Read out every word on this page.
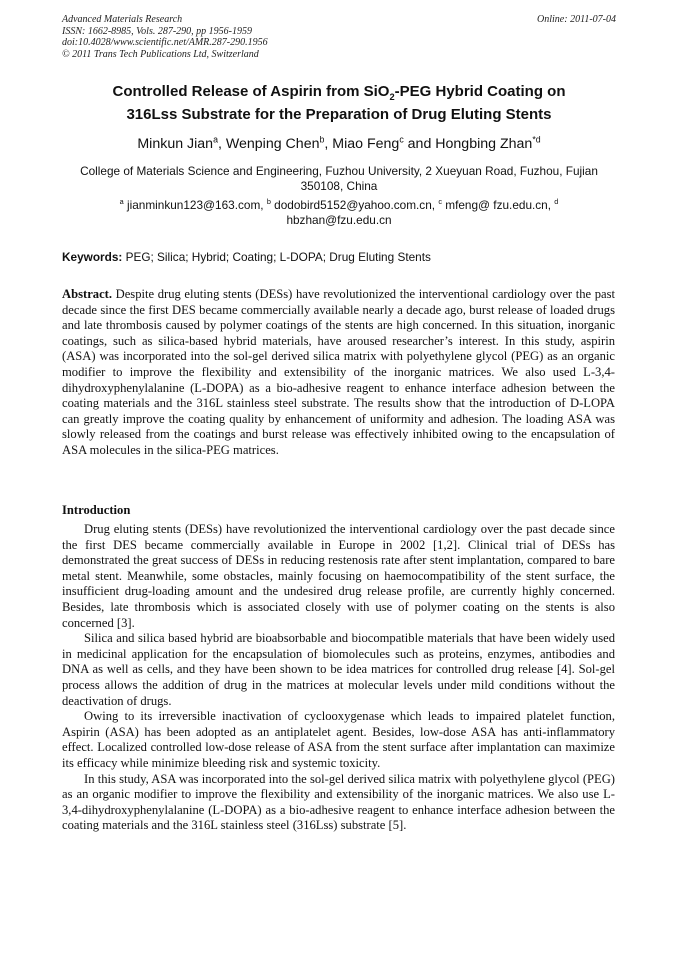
Advanced Materials Research
ISSN: 1662-8985, Vols. 287-290, pp 1956-1959
doi:10.4028/www.scientific.net/AMR.287-290.1956
© 2011 Trans Tech Publications Ltd, Switzerland
Online: 2011-07-04
Controlled Release of Aspirin from SiO$_2$-PEG Hybrid Coating on
316Lss Substrate for the Preparation of Drug Eluting Stents
Minkun Jian$^a$, Wenping Chen$^b$, Miao Feng$^c$ and Hongbing Zhan$^{*d}$
College of Materials Science and Engineering, Fuzhou University, 2 Xueyuan Road, Fuzhou, Fujian 350108, China
$^a$ jianminkun123@163.com, $^b$ dodobird5152@yahoo.com.cn, $^c$ mfeng@ fzu.edu.cn, $^d$
hbzhan@fzu.edu.cn
Keywords: PEG; Silica; Hybrid; Coating; L-DOPA; Drug Eluting Stents
Abstract. Despite drug eluting stents (DESs) have revolutionized the interventional cardiology over the past decade since the first DES became commercially available nearly a decade ago, burst release of loaded drugs and late thrombosis caused by polymer coatings of the stents are high concerned. In this situation, inorganic coatings, such as silica-based hybrid materials, have aroused researcher’s interest. In this study, aspirin (ASA) was incorporated into the sol-gel derived silica matrix with polyethylene glycol (PEG) as an organic modifier to improve the flexibility and extensibility of the inorganic matrices. We also used L-3,4-dihydroxyphenylalanine (L-DOPA) as a bio-adhesive reagent to enhance interface adhesion between the coating materials and the 316L stainless steel substrate. The results show that the introduction of D-LOPA can greatly improve the coating quality by enhancement of uniformity and adhesion. The loading ASA was slowly released from the coatings and burst release was effectively inhibited owing to the encapsulation of ASA molecules in the silica-PEG matrices.
Introduction

Drug eluting stents (DESs) have revolutionized the interventional cardiology over the past decade since the first DES became commercially available in Europe in 2002 [1,2]. Clinical trial of DESs has demonstrated the great success of DESs in reducing restenosis rate after stent implantation, compared to bare metal stent. Meanwhile, some obstacles, mainly focusing on haemocompatibility of the stent surface, the insufficient drug-loading amount and the undesired drug release profile, are currently highly concerned. Besides, late thrombosis which is associated closely with use of polymer coating on the stents is also concerned [3].

Silica and silica based hybrid are bioabsorbable and biocompatible materials that have been widely used in medicinal application for the encapsulation of biomolecules such as proteins, enzymes, antibodies and DNA as well as cells, and they have been shown to be idea matrices for controlled drug release [4]. Sol-gel process allows the addition of drug in the matrices at molecular levels under mild conditions without the deactivation of drugs.

Owing to its irreversible inactivation of cyclooxygenase which leads to impaired platelet function, Aspirin (ASA) has been adopted as an antiplatelet agent. Besides, low-dose ASA has anti-inflammatory effect. Localized controlled low-dose release of ASA from the stent surface after implantation can maximize its efficacy while minimize bleeding risk and systemic toxicity.

In this study, ASA was incorporated into the sol-gel derived silica matrix with polyethylene glycol (PEG) as an organic modifier to improve the flexibility and extensibility of the inorganic matrices. We also use L-3,4-dihydroxyphenylalanine (L-DOPA) as a bio-adhesive reagent to enhance interface adhesion between the coating materials and the 316L stainless steel (316Lss) substrate [5].
